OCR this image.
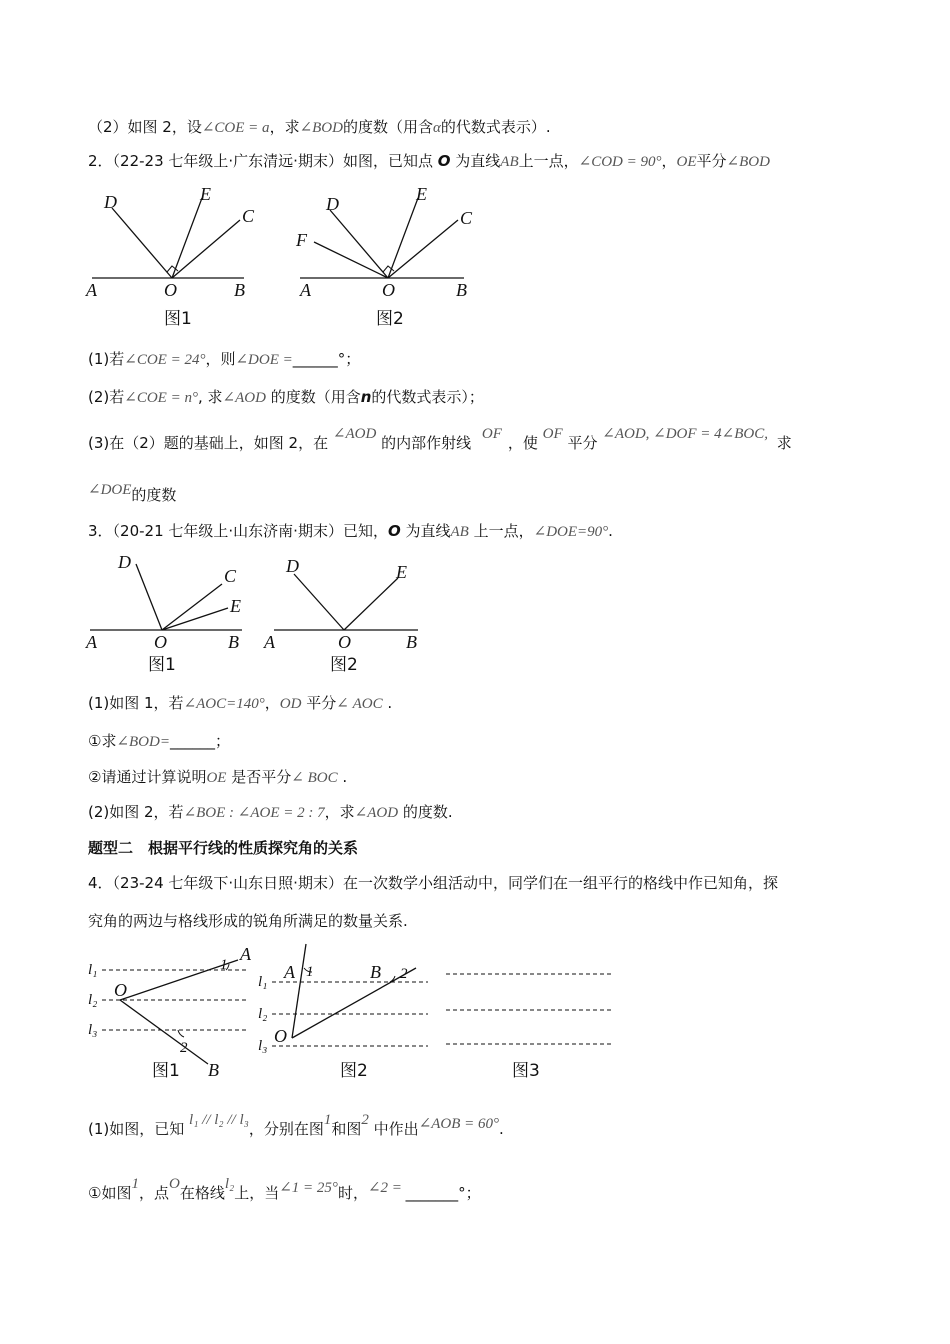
（2）如图 2，设∠COE = a，求∠BOD的度数（用含α的代数式表示）.
2．（22-23 七年级上·广东清远·期末）如图，已知点 O 为直线AB上一点，∠COD = 90°，OE平分∠BOD
D	E
C
A	O	B
图1
D	E
C
F
A	O	B
图2
(1)若∠COE = 24°，则∠DOE =______°；
(2)若∠COE = n°, 求∠AOD 的度数（用含n的代数式表示）；
(3)在（2）题的基础上，如图 2，在 ∠AOD 的内部作射线 OF ，使 OF 平分 ∠AOD, ∠DOF = 4∠BOC, 求
∠DOE的度数
3．（20-21 七年级上·山东济南·期末）已知，O 为直线AB 上一点，∠DOE=90°.
D
C
E
A	O	B
图1
D	E
A	O	B
图2
(1)如图 1，若∠AOC=140°，OD 平分∠ AOC .
①求∠BOD=______；
②请通过计算说明OE 是否平分∠ BOC .
(2)如图 2，若∠BOE : ∠AOE = 2 : 7，求∠AOD 的度数.
题型二　根据平行线的性质探究角的关系
4．（23-24 七年级下·山东日照·期末）在一次数学小组活动中，同学们在一组平行的格线中作已知角，探
究角的两边与格线形成的锐角所满足的数量关系.
l₁
l₂
l₃
O
A
B
1
2
图1
l₁
l₂
l₃
A 1	B 2
O
图2	图3
(1)如图，已知 l₁ // l₂ // l₃，分别在图1和图2 中作出∠AOB = 60°.
①如图1，点O在格线l₂上，当∠1 = 25°时，∠2 = _______°；
